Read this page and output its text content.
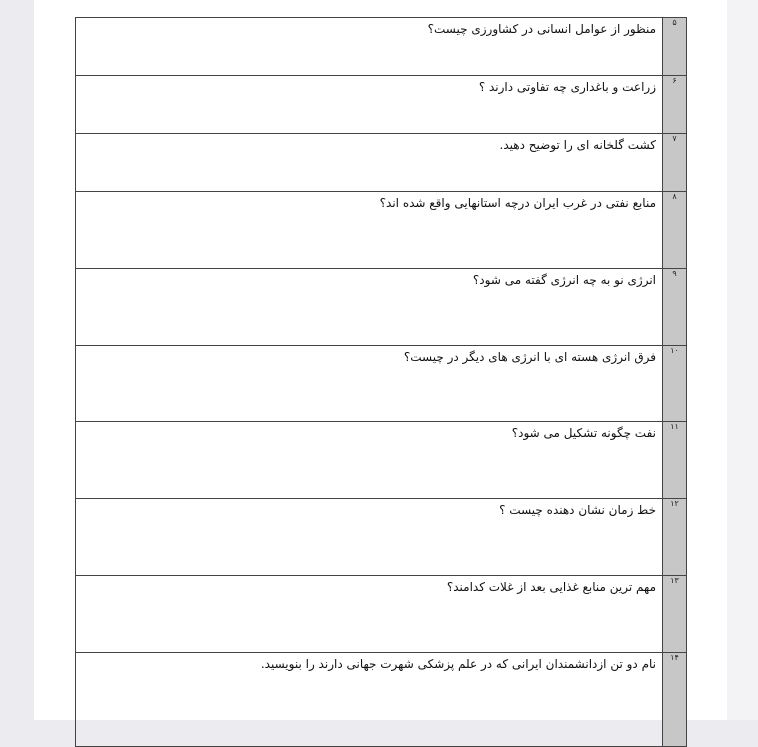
۵	منظور از عوامل انسانی در کشاورزی چیست؟
۶	زراعت و باغداری چه تفاوتی دارند ؟
۷	کشت گلخانه ای را توضیح دهید.
۸	منابع نفتی در غرب ایران درچه استانهایی واقع شده اند؟
۹	انرژی نو به چه انرژی گفته می شود؟
۱۰	فرق انرژی هسته ای با انرژی های دیگر در چیست؟
۱۱	نفت چگونه تشکیل می شود؟
۱۲	خط زمان نشان دهنده چیست ؟
۱۳	مهم ترین منابع غذایی بعد از غلات کدامند؟
۱۴	نام دو تن ازدانشمندان ایرانی که در علم پزشکی شهرت جهانی دارند را بنویسید.
